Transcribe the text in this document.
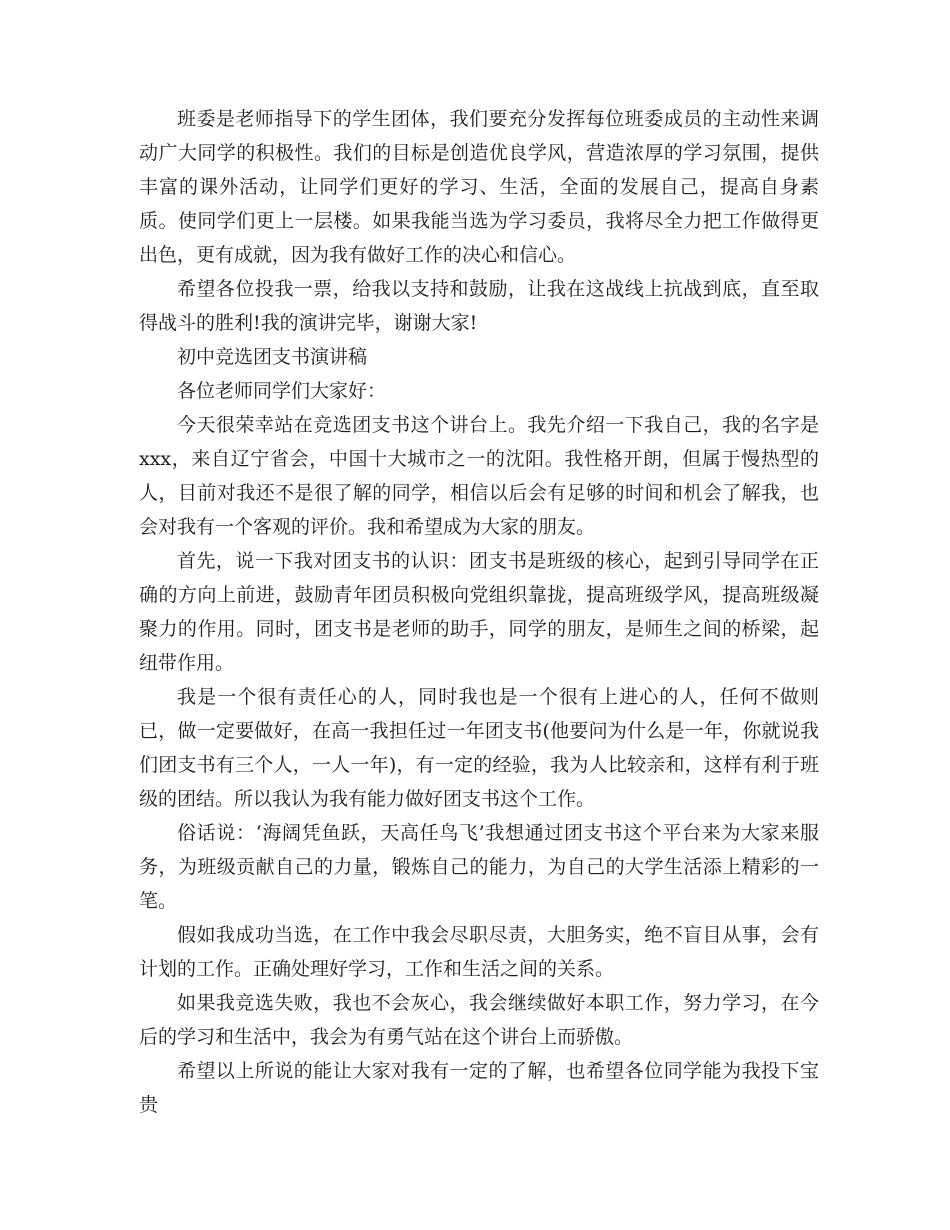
班委是老师指导下的学生团体，我们要充分发挥每位班委成员的主动性来调动广大同学的积极性。我们的目标是创造优良学风，营造浓厚的学习氛围，提供丰富的课外活动，让同学们更好的学习、生活，全面的发展自己，提高自身素质。使同学们更上一层楼。如果我能当选为学习委员，我将尽全力把工作做得更出色，更有成就，因为我有做好工作的决心和信心。

希望各位投我一票，给我以支持和鼓励，让我在这战线上抗战到底，直至取得战斗的胜利!我的演讲完毕，谢谢大家!

初中竞选团支书演讲稿

各位老师同学们大家好：

今天很荣幸站在竞选团支书这个讲台上。我先介绍一下我自己，我的名字是xxx，来自辽宁省会，中国十大城市之一的沈阳。我性格开朗，但属于慢热型的人，目前对我还不是很了解的同学，相信以后会有足够的时间和机会了解我，也会对我有一个客观的评价。我和希望成为大家的朋友。

首先，说一下我对团支书的认识：团支书是班级的核心，起到引导同学在正确的方向上前进，鼓励青年团员积极向党组织靠拢，提高班级学风，提高班级凝聚力的作用。同时，团支书是老师的助手，同学的朋友，是师生之间的桥梁，起纽带作用。

我是一个很有责任心的人，同时我也是一个很有上进心的人，任何不做则已，做一定要做好，在高一我担任过一年团支书(他要问为什么是一年，你就说我们团支书有三个人，一人一年)，有一定的经验，我为人比较亲和，这样有利于班级的团结。所以我认为我有能力做好团支书这个工作。

俗话说：‘海阔凭鱼跃，天高任鸟飞’我想通过团支书这个平台来为大家来服务，为班级贡献自己的力量，锻炼自己的能力，为自己的大学生活添上精彩的一笔。

假如我成功当选，在工作中我会尽职尽责，大胆务实，绝不盲目从事，会有计划的工作。正确处理好学习，工作和生活之间的关系。

如果我竞选失败，我也不会灰心，我会继续做好本职工作，努力学习，在今后的学习和生活中，我会为有勇气站在这个讲台上而骄傲。

希望以上所说的能让大家对我有一定的了解，也希望各位同学能为我投下宝贵
